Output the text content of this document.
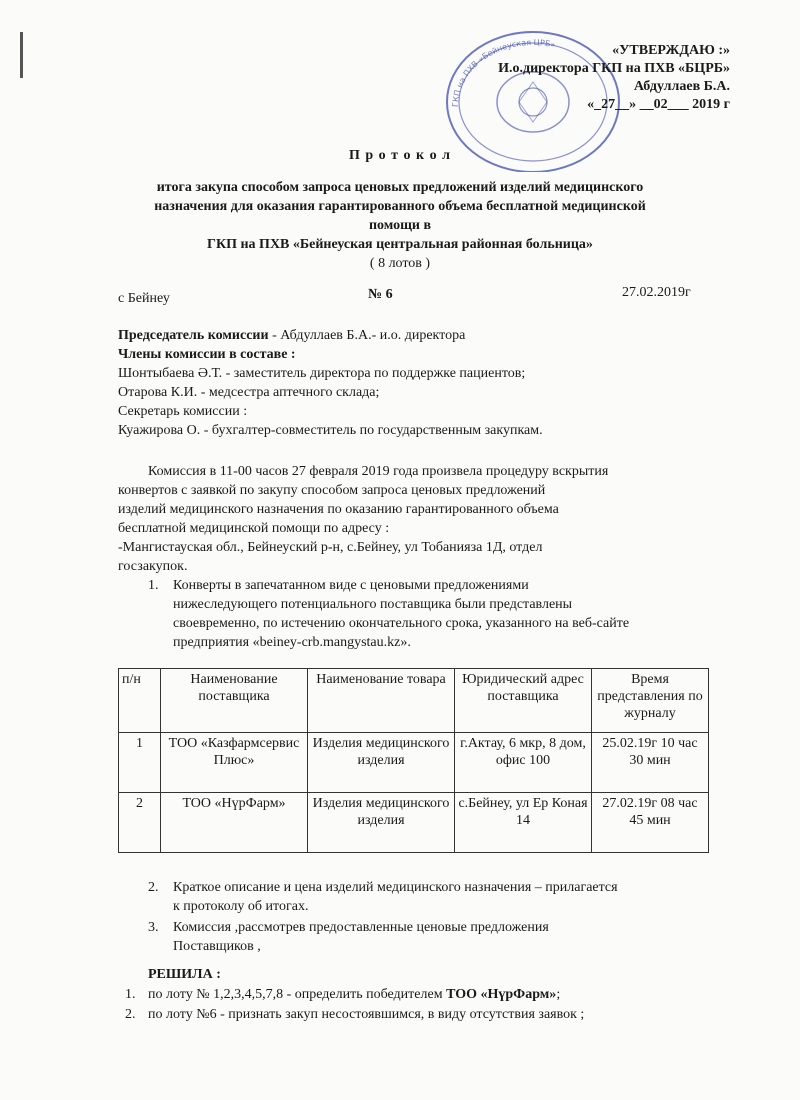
ГКП на ПХВ «Бейнеуская ЦРБ»	«УТВЕРЖДАЮ :»
И.о.директора ГКП на ПХВ «БЦРБ»
Абдуллаев Б.А.
«_27__» __02___ 2019 г
П р о т о к о л
итога закупа способом запроса ценовых предложений изделий медицинского
назначения для оказания гарантированного объема бесплатной медицинской
помощи в
ГКП на ПХВ «Бейнеуская центральная районная больница»
( 8 лотов )
с Бейнеу	№ 6	27.02.2019г
Председатель комиссии - Абдуллаев Б.А.- и.о. директора
Члены комиссии в составе :
Шонтыбаева Ә.Т. - заместитель директора по поддержке пациентов;
Отарова К.И. - медсестра аптечного склада;
Секретарь комиссии :
Куажирова О. - бухгалтер-совместитель по государственным закупкам.
Комиссия в 11-00 часов 27 февраля 2019 года произвела процедуру вскрытия
конвертов с заявкой по закупу способом запроса ценовых предложений
изделий медицинского назначения по оказанию гарантированного объема
бесплатной медицинской помощи по адресу :
-Мангистауская обл., Бейнеуский р-н, с.Бейнеу, ул Тобанияза 1Д, отдел
госзакупок.
1. Конверты в запечатанном виде с ценовыми предложениями
нижеследующего потенциального поставщика были представлены
своевременно, по истечению окончательного срока, указанного на веб-сайте
предприятия «beiney-crb.mangystau.kz».
п/н	Наименование поставщика	Наименование товара	Юридический адрес поставщика	Время представления по журналу
1	ТОО «Казфармсервис Плюс»	Изделия медицинского изделия	г.Актау, 6 мкр, 8 дом, офис 100	25.02.19г 10 час 30 мин
2	ТОО «НүрФарм»	Изделия медицинского изделия	с.Бейнеу, ул Ер Коная 14	27.02.19г 08 час 45 мин
2. Краткое описание и цена изделий медицинского назначения – прилагается
к протоколу об итогах.
3. Комиссия ,рассмотрев предоставленные ценовые предложения
Поставщиков ,
РЕШИЛА :
1. по лоту № 1,2,3,4,5,7,8 - определить победителем ТОО «НүрФарм»;
2. по лоту №6 - признать закуп несостоявшимся, в виду отсутствия заявок ;
